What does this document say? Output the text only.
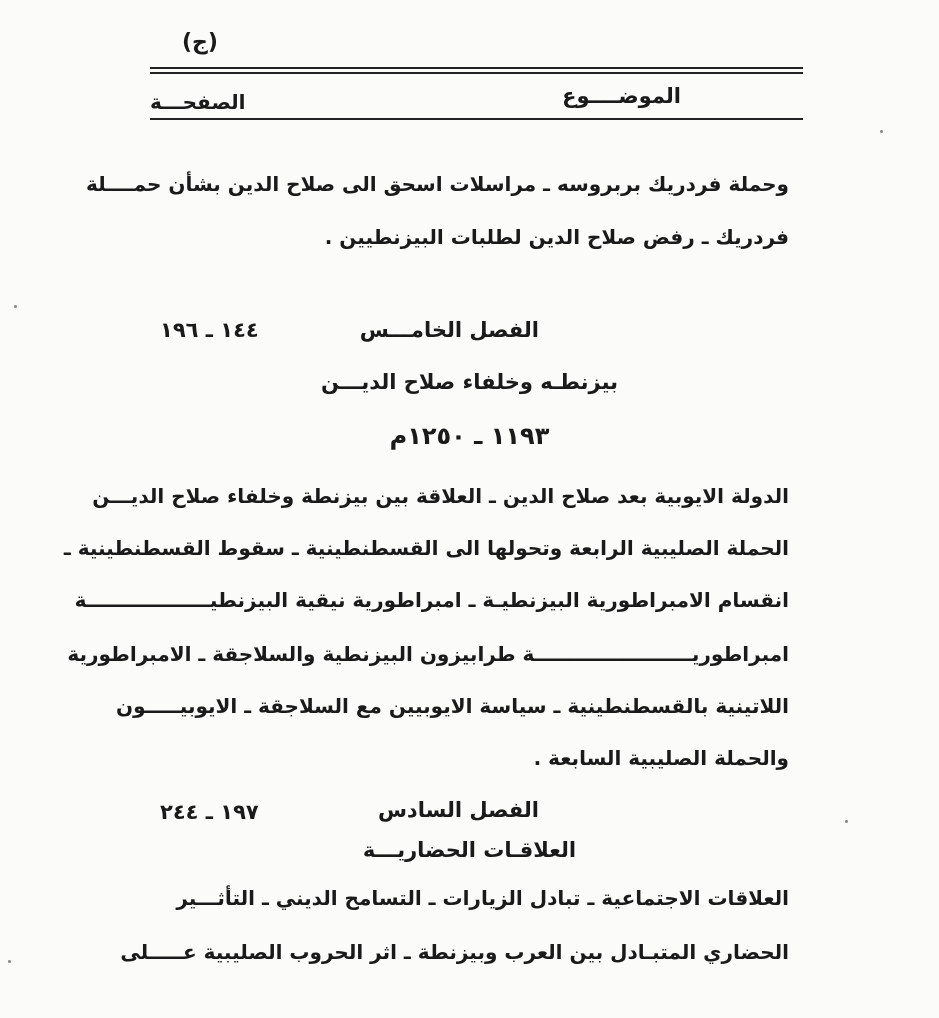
(ج)
الموضــــوع
الصفحـــة
وحملة فردريك بربروسه ـ مراسلات اسحق الى صلاح الدين بشأن حمــــلة
فردريك ـ رفض صلاح الدين لطلبات البيزنطيين .
الفصل الخامـــس
١٤٤ ـ ١٩٦
بيزنطـه وخلفاء صلاح الديـــن
١١٩٣ ـ ١٢٥٠م
الدولة الايوبية بعد صلاح الدين ـ العلاقة بين بيزنطة وخلفاء صلاح الديـــن
الحملة الصليبية الرابعة وتحولها الى القسطنطينية ـ سقوط القسطنطينية ـ
انقسام الامبراطورية البيزنطيـة ـ امبراطورية نيقية البيزنطيــــــــــــــــــة
امبراطوريـــــــــــــــــــــــة طرابيزون البيزنطية والسلاجقة ـ الامبراطورية
اللاتينية بالقسطنطينية ـ سياسة الايوبيين مع السلاجقة ـ الايوبيـــــون
والحملة الصليبية السابعة .
الفصل السادس
١٩٧ ـ ٢٤٤
العلاقـات الحضاريـــة
العلاقات الاجتماعية ـ تبادل الزيارات ـ التسامح الديني ـ التأثـــير
الحضاري المتبـادل بين العرب وبيزنطة ـ اثر الحروب الصليبية عـــــلى
